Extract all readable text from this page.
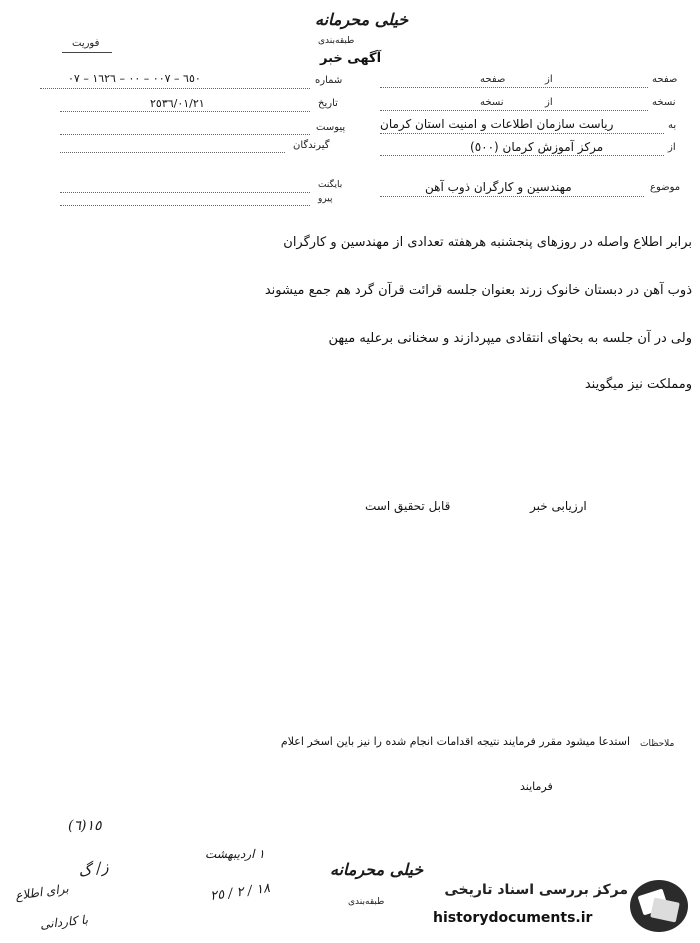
خیلی محرمانه
طبقه‌بندی
فوریت
آگهی خبر
شماره
٦٥٠ – ٠٠٧ – ٠٠ – ١٦٢٦ – ٠٧
تاریخ
٢٥٣٦/٠١/٢١
پیوست
گیرندگان
صفحه
از
صفحه
نسخه
از
نسخه
به
ریاست سازمان اطلاعات و امنیت استان کرمان
از
مرکز آموزش کرمان (٥٠٠)
موضوع
مهندسین و کارگران ذوب آهن
بایگنت
پیرو
برابر اطلاع واصله در روزهای پنجشنبه هرهفته تعدادی از مهندسین و کارگران
ذوب آهن در دبستان خانوک زرند بعنوان جلسه قرائت قرآن گرد هم جمع میشوند
ولی در آن جلسه به بحثهای انتقادی میپردازند و سخنانی برعلیه میهن
ومملکت نیز میگویند
ارزیابی خبر
قابل تحقیق است
ملاحظات
استدعا میشود مقرر فرمایند نتیجه اقدامات انجام شده را نیز باین اسخر اعلام
فرمایند
١٥(٦)
۱ اردیبهشت
١٨ / ٢ / ٢٥
ز/ گ
برای اطلاع
با کاردانی
خیلی محرمانه
طبقه‌بندی
مرکز بررسی اسناد تاریخی
historydocuments.ir
